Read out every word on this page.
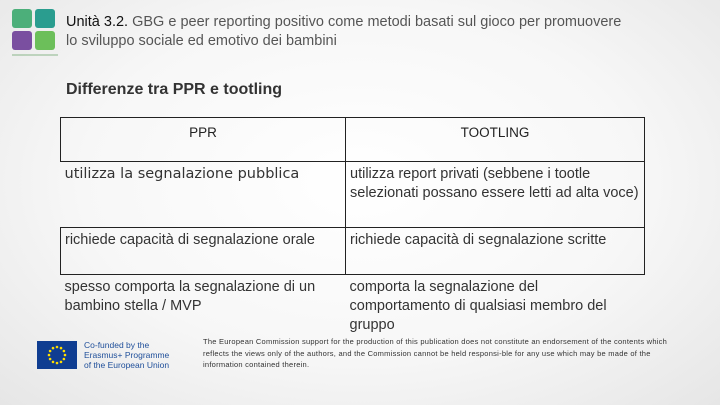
Unità 3.2. GBG e peer reporting positivo come metodi basati sul gioco per promuovere lo sviluppo sociale ed emotivo dei bambini
Differenze tra PPR e tootling
PPR	TOOTLING
utilizza la segnalazione pubblica	utilizza report privati (sebbene i tootle selezionati possano essere letti ad alta voce)
richiede capacità di segnalazione orale	richiede capacità di segnalazione scritte
spesso comporta la segnalazione di un bambino stella / MVP	comporta la segnalazione del comportamento di qualsiasi membro del gruppo
Co-funded by the
Erasmus+ Programme
of the European Union
The European Commission support for the production of this publication does not constitute an endorsement of the contents which reflects the views only of the authors, and the Commission cannot be held responsi-ble for any use which may be made of the information contained therein.
